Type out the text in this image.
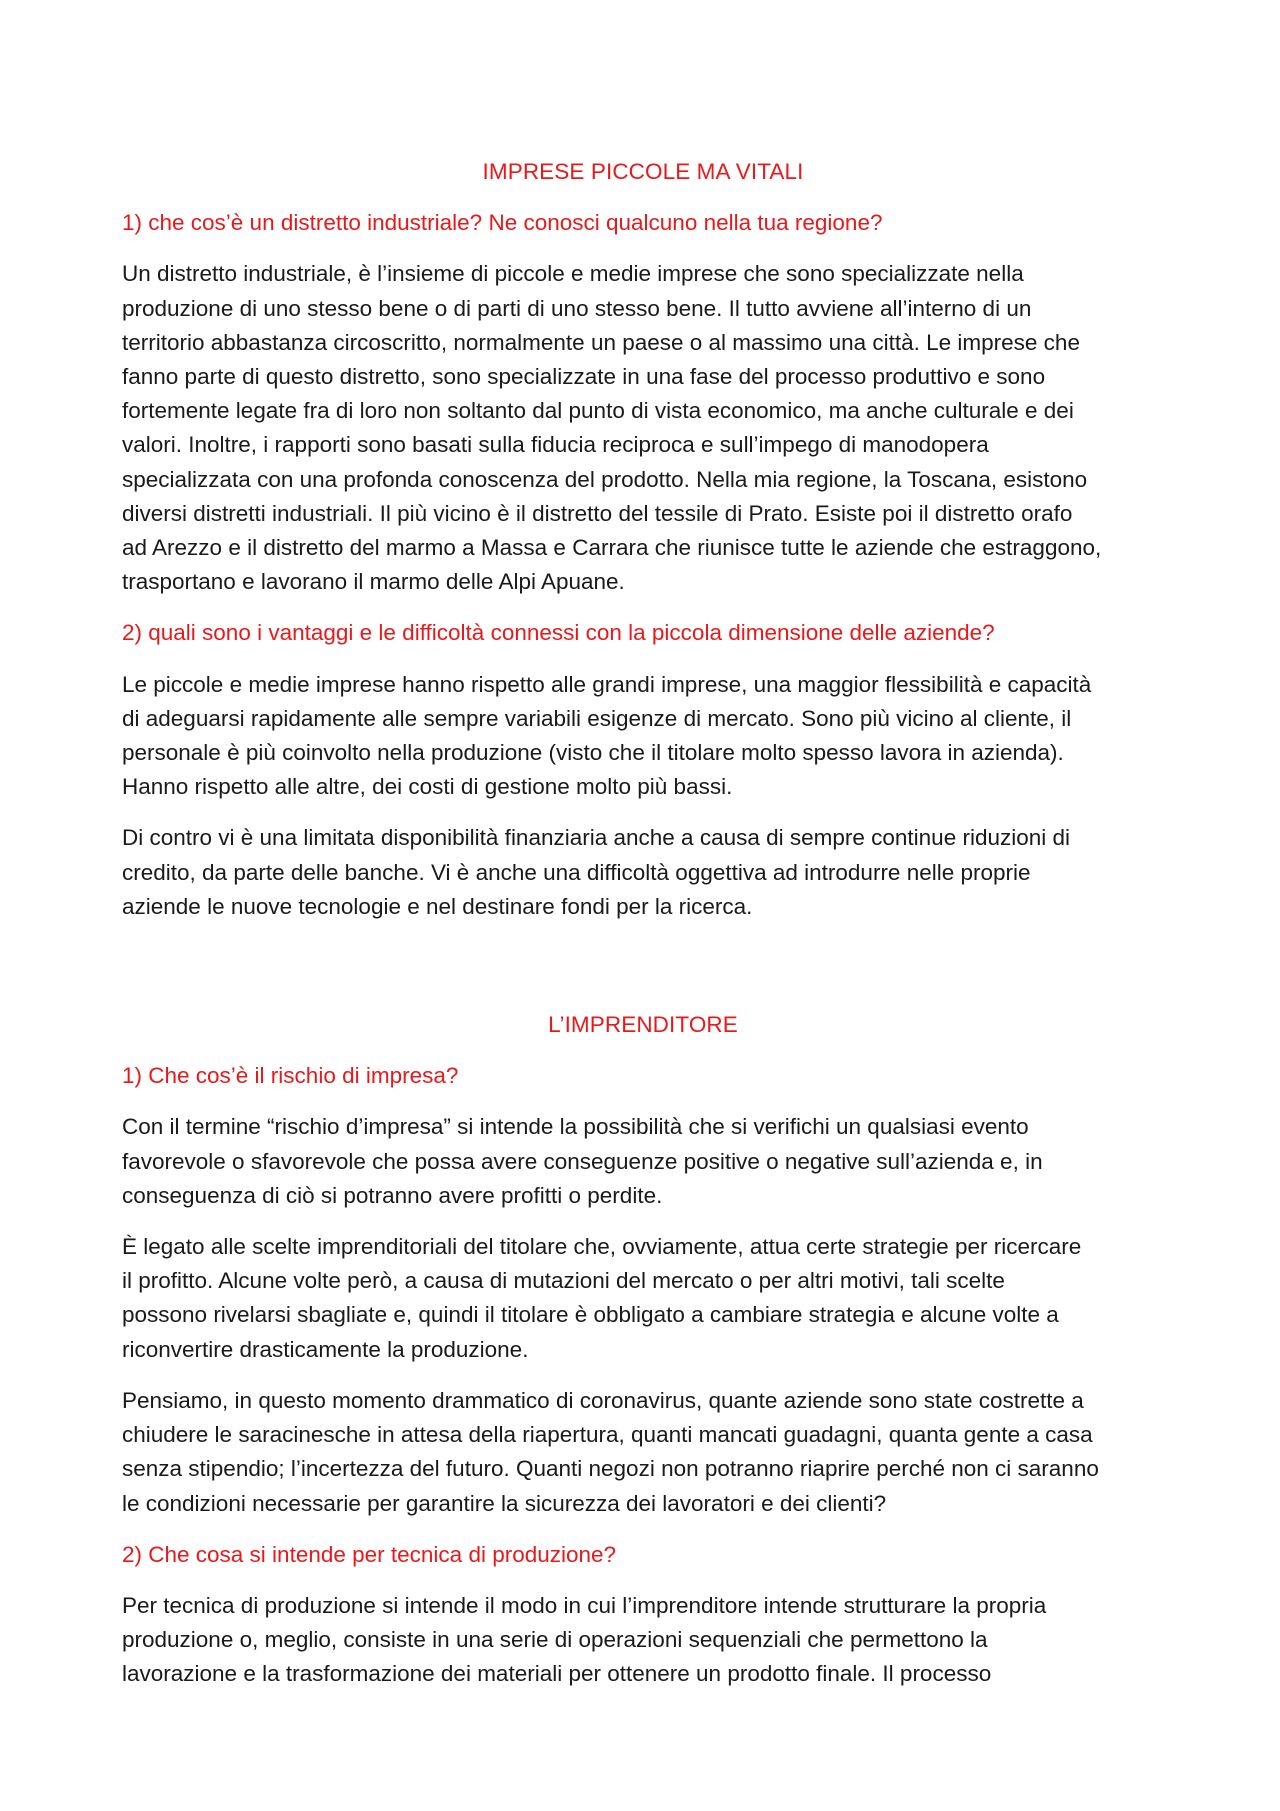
IMPRESE PICCOLE MA VITALI
1) che cos’è un distretto industriale? Ne conosci qualcuno nella tua regione?

Un distretto industriale, è l’insieme di piccole e medie imprese che sono specializzate nella
produzione di uno stesso bene o di parti di uno stesso bene. Il tutto avviene all’interno di un
territorio abbastanza circoscritto, normalmente un paese o al massimo una città. Le imprese che
fanno parte di questo distretto, sono specializzate in una fase del processo produttivo e sono
fortemente legate fra di loro non soltanto dal punto di vista economico, ma anche culturale e dei
valori. Inoltre, i rapporti sono basati sulla fiducia reciproca e sull’impego di manodopera
specializzata con una profonda conoscenza del prodotto. Nella mia regione, la Toscana, esistono
diversi distretti industriali. Il più vicino è il distretto del tessile di Prato. Esiste poi il distretto orafo
ad Arezzo e il distretto del marmo a Massa e Carrara che riunisce tutte le aziende che estraggono,
trasportano e lavorano il marmo delle Alpi Apuane.

2) quali sono i vantaggi e le difficoltà connessi con la piccola dimensione delle aziende?

Le piccole e medie imprese hanno rispetto alle grandi imprese, una maggior flessibilità e capacità
di adeguarsi rapidamente alle sempre variabili esigenze di mercato. Sono più vicino al cliente, il
personale è più coinvolto nella produzione (visto che il titolare molto spesso lavora in azienda).
Hanno rispetto alle altre, dei costi di gestione molto più bassi.

Di contro vi è una limitata disponibilità finanziaria anche a causa di sempre continue riduzioni di
credito, da parte delle banche. Vi è anche una difficoltà oggettiva ad introdurre nelle proprie
aziende le nuove tecnologie e nel destinare fondi per la ricerca.

L’IMPRENDITORE
1) Che cos’è il rischio di impresa?

Con il termine “rischio d’impresa” si intende la possibilità che si verifichi un qualsiasi evento
favorevole o sfavorevole che possa avere conseguenze positive o negative sull’azienda e, in
conseguenza di ciò si potranno avere profitti o perdite.

È legato alle scelte imprenditoriali del titolare che, ovviamente, attua certe strategie per ricercare
il profitto. Alcune volte però, a causa di mutazioni del mercato o per altri motivi, tali scelte
possono rivelarsi sbagliate e, quindi il titolare è obbligato a cambiare strategia e alcune volte a
riconvertire drasticamente la produzione.

Pensiamo, in questo momento drammatico di coronavirus, quante aziende sono state costrette a
chiudere le saracinesche in attesa della riapertura, quanti mancati guadagni, quanta gente a casa
senza stipendio; l’incertezza del futuro. Quanti negozi non potranno riaprire perché non ci saranno
le condizioni necessarie per garantire la sicurezza dei lavoratori e dei clienti?

2) Che cosa si intende per tecnica di produzione?

Per tecnica di produzione si intende il modo in cui l’imprenditore intende strutturare la propria
produzione o, meglio, consiste in una serie di operazioni sequenziali che permettono la
lavorazione e la trasformazione dei materiali per ottenere un prodotto finale. Il processo
